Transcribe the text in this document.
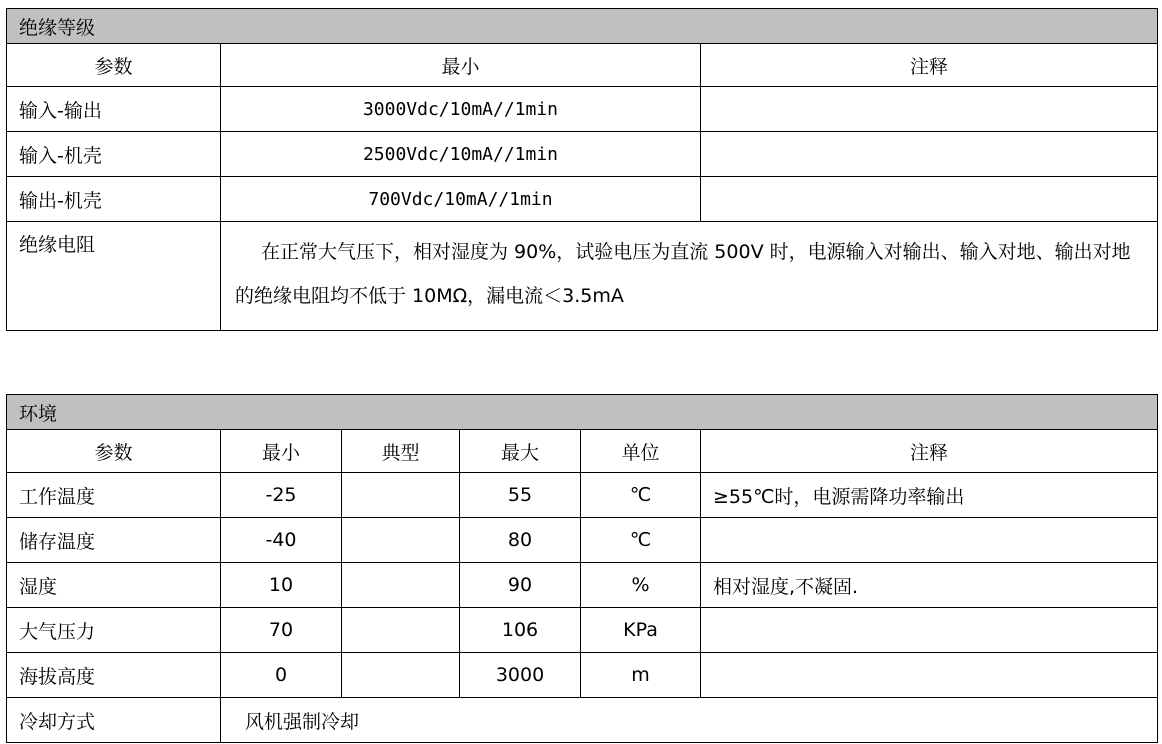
绝缘等级		
参数	最小	注释
输入-输出	3000Vdc/10mA//1min	
输入-机壳	2500Vdc/10mA//1min	
输出-机壳	700Vdc/10mA//1min	
绝缘电阻	在正常大气压下，相对湿度为 90%，试验电压为直流 500V 时，电源输入对输出、输入对地、输出对地的绝缘电阻均不低于 10MΩ，漏电流＜3.5mA	
环境					
参数	最小	典型	最大	单位	注释
工作温度	-25		55	℃	≥55℃时，电源需降功率输出
储存温度	-40		80	℃	
湿度	10		90	%	相对湿度,不凝固.
大气压力	70		106	KPa	
海拔高度	0		3000	m	
冷却方式	风机强制冷却				
